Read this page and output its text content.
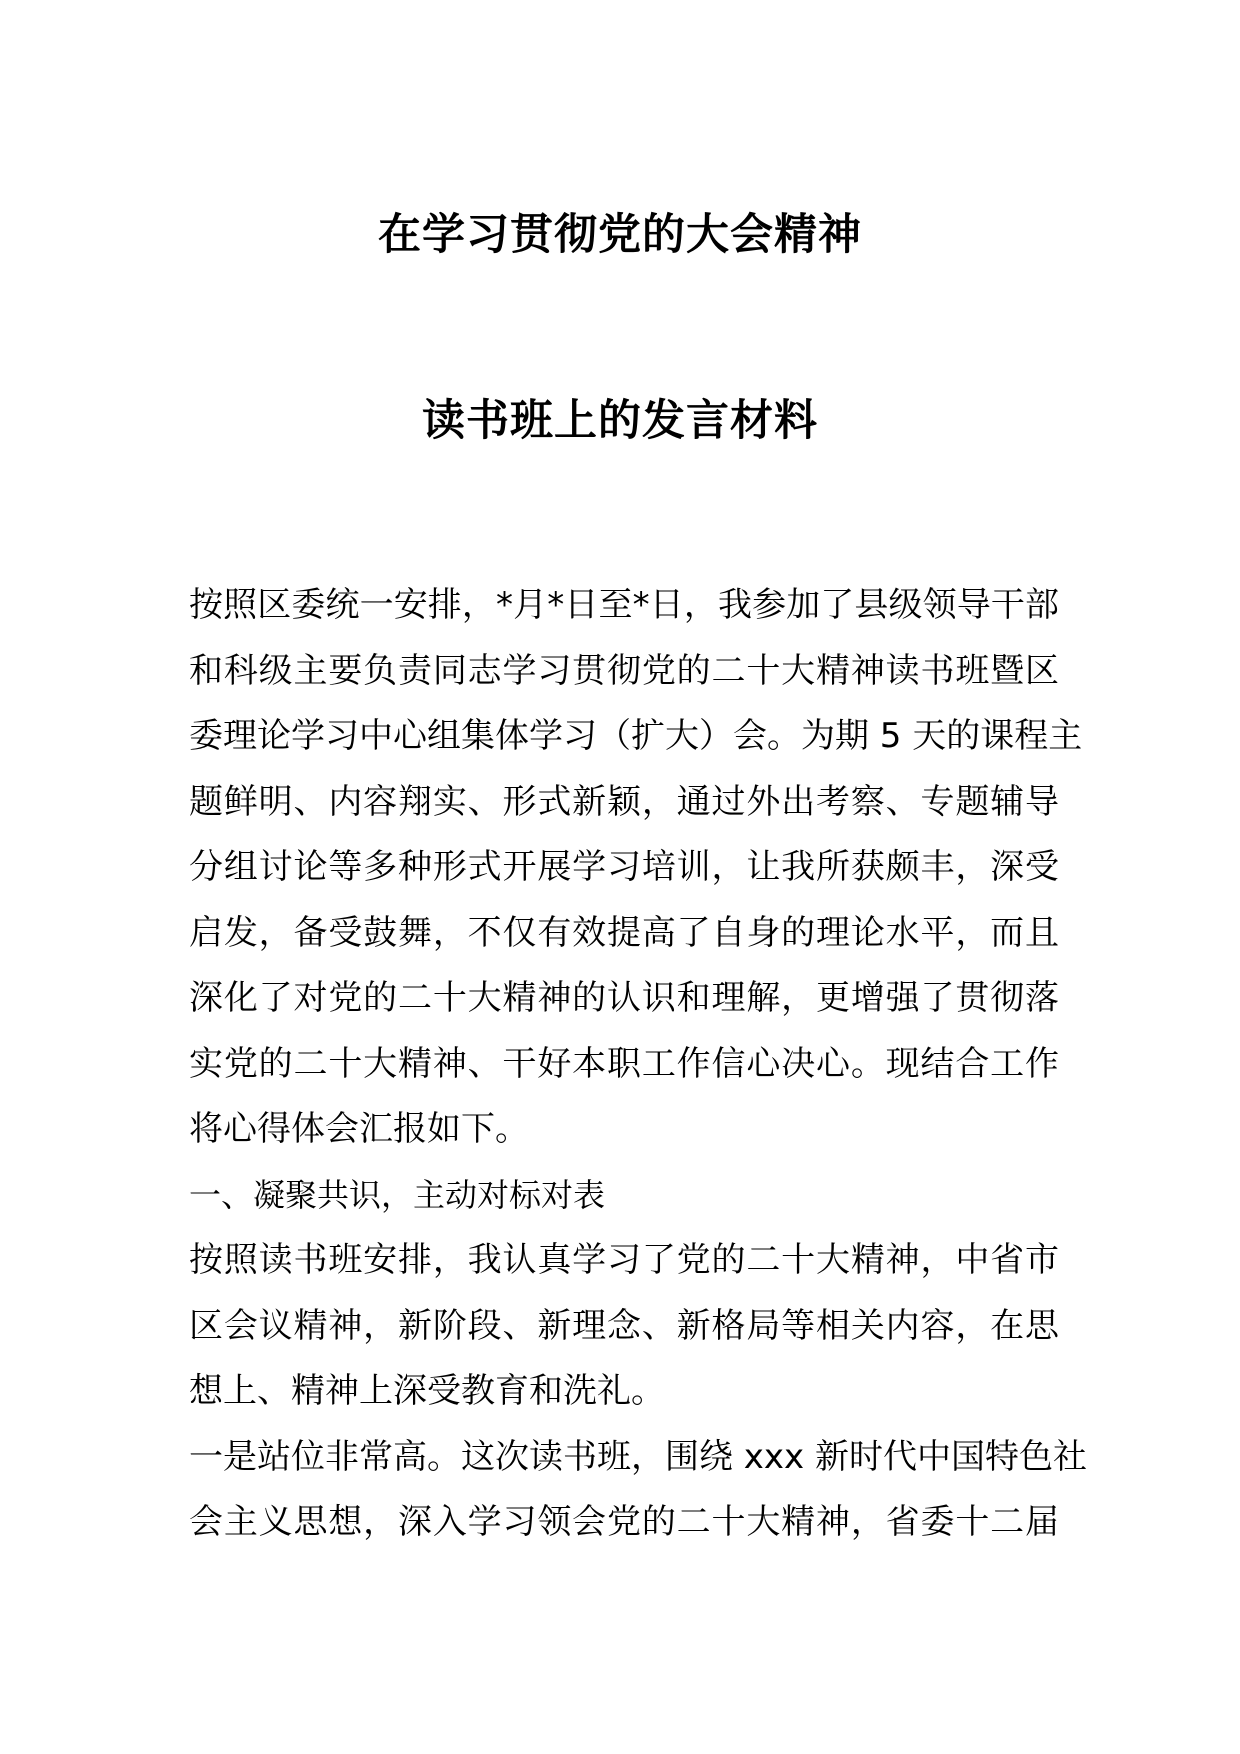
在学习贯彻党的大会精神
读书班上的发言材料
按照区委统一安排，*月*日至*日，我参加了县级领导干部
和科级主要负责同志学习贯彻党的二十大精神读书班暨区
委理论学习中心组集体学习（扩大）会。为期 5 天的课程主
题鲜明、内容翔实、形式新颖，通过外出考察、专题辅导
分组讨论等多种形式开展学习培训，让我所获颇丰，深受
启发，备受鼓舞，不仅有效提高了自身的理论水平，而且
深化了对党的二十大精神的认识和理解，更增强了贯彻落
实党的二十大精神、干好本职工作信心决心。现结合工作
将心得体会汇报如下。
一、凝聚共识，主动对标对表
按照读书班安排，我认真学习了党的二十大精神，中省市
区会议精神，新阶段、新理念、新格局等相关内容，在思
想上、精神上深受教育和洗礼。
一是站位非常高。这次读书班，围绕 xxx 新时代中国特色社
会主义思想，深入学习领会党的二十大精神，省委十二届
